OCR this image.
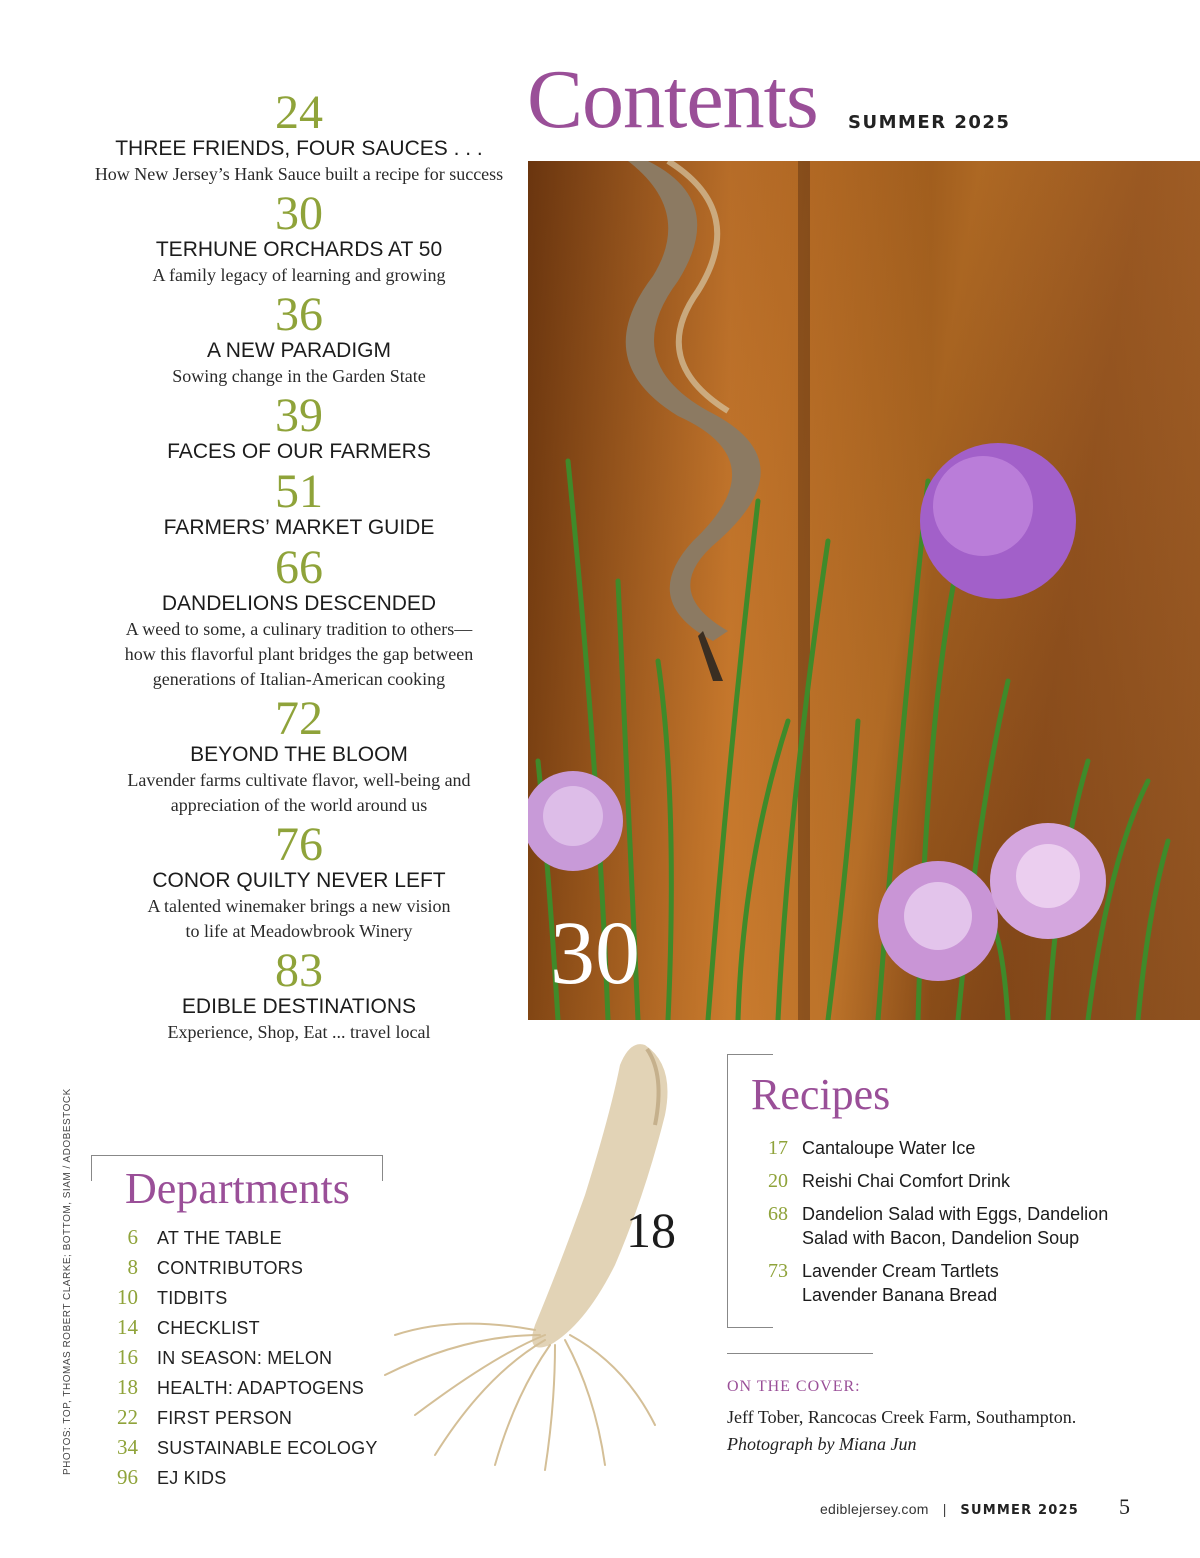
Contents SUMMER 2025
24
THREE FRIENDS, FOUR SAUCES . . .
How New Jersey’s Hank Sauce built a recipe for success
30
TERHUNE ORCHARDS AT 50
A family legacy of learning and growing
36
A NEW PARADIGM
Sowing change in the Garden State
39
FACES OF OUR FARMERS
51
FARMERS’ MARKET GUIDE
66
DANDELIONS DESCENDED
A weed to some, a culinary tradition to others—
how this flavorful plant bridges the gap between
generations of Italian-American cooking
72
BEYOND THE BLOOM
Lavender farms cultivate flavor, well-being and
appreciation of the world around us
76
CONOR QUILTY NEVER LEFT
A talented winemaker brings a new vision
to life at Meadowbrook Winery
83
EDIBLE DESTINATIONS
Experience, Shop, Eat ... travel local
30
18
Departments
6 AT THE TABLE
8 CONTRIBUTORS
10 TIDBITS
14 CHECKLIST
16 IN SEASON: MELON
18 HEALTH: ADAPTOGENS
22 FIRST PERSON
34 SUSTAINABLE ECOLOGY
96 EJ KIDS
PHOTOS: TOP, THOMAS ROBERT CLARKE; BOTTOM, SIAM / ADOBESTOCK	Recipes
17 Cantaloupe Water Ice
20 Reishi Chai Comfort Drink
68 Dandelion Salad with Eggs, Dandelion
Salad with Bacon, Dandelion Soup
73 Lavender Cream Tartlets
Lavender Banana Bread
ON THE COVER:
Jeff Tober, Rancocas Creek Farm, Southampton.
Photograph by Miana Jun
ediblejersey.com | SUMMER 2025 5
